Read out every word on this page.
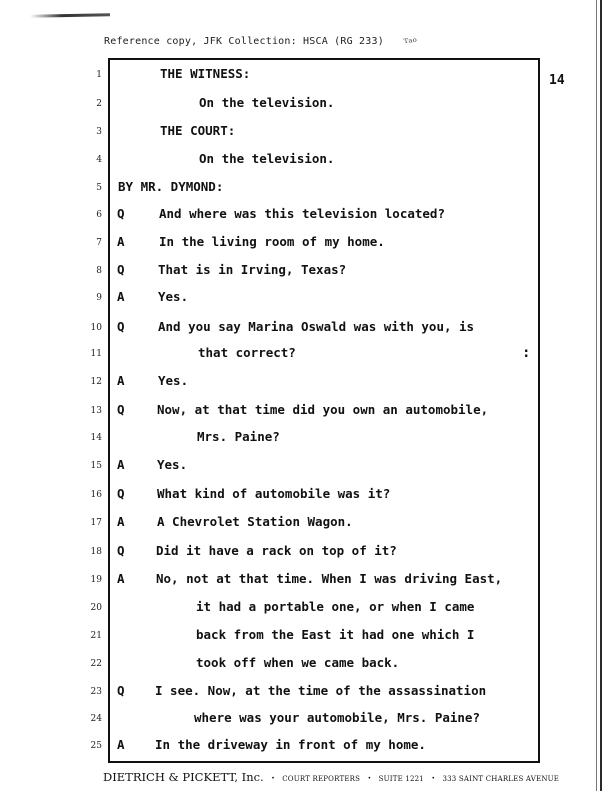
Reference copy, JFK Collection: HSCA (RG 233) ᵀᵃᵒ
14
:
1	THE WITNESS:
2	On the television.
3	THE COURT:
4	On the television.
5 BY MR. DYMOND:
6 Q	And where was this television located?
7 A	In the living room of my home.
8 Q	That is in Irving, Texas?
9 A	Yes.
10 Q	And you say Marina Oswald was with you, is
11	that correct?
12 A	Yes.
13 Q	Now, at that time did you own an automobile,
14	Mrs. Paine?
15 A	Yes.
16 Q	What kind of automobile was it?
17 A	A Chevrolet Station Wagon.
18 Q	Did it have a rack on top of it?
19 A	No, not at that time. When I was driving East,
20	it had a portable one, or when I came
21	back from the East it had one which I
22	took off when we came back.
23 Q I see. Now, at the time of the assassination
24	where was your automobile, Mrs. Paine?
25 A In the driveway in front of my home.
DIETRICH & PICKETT, Inc. • COURT REPORTERS • SUITE 1221 • 333 SAINT CHARLES AVENUE
